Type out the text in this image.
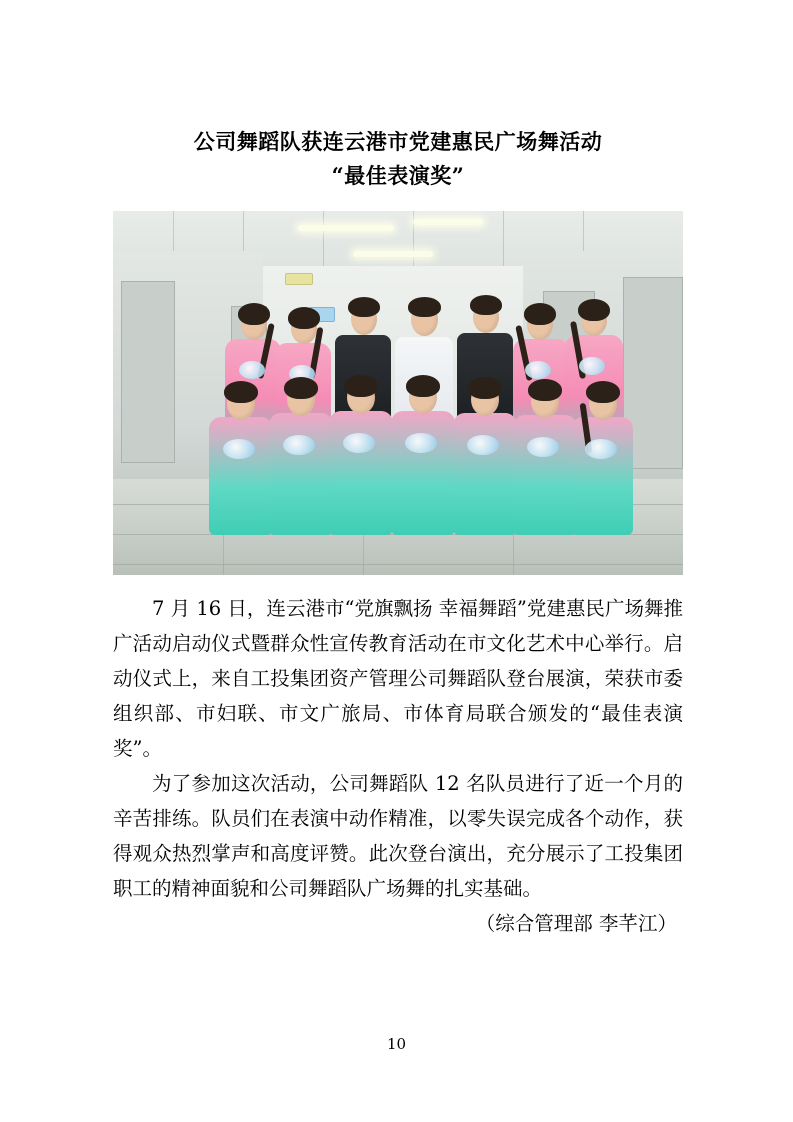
公司舞蹈队获连云港市党建惠民广场舞活动
“最佳表演奖”

7 月 16 日，连云港市“党旗飘扬 幸福舞蹈”党建惠民广场舞推广活动启动仪式暨群众性宣传教育活动在市文化艺术中心举行。启动仪式上，来自工投集团资产管理公司舞蹈队登台展演，荣获市委组织部、市妇联、市文广旅局、市体育局联合颁发的“最佳表演奖”。

为了参加这次活动，公司舞蹈队 12 名队员进行了近一个月的辛苦排练。队员们在表演中动作精准，以零失误完成各个动作，获得观众热烈掌声和高度评赞。此次登台演出，充分展示了工投集团职工的精神面貌和公司舞蹈队广场舞的扎实基础。

（综合管理部 李芊江）

10
